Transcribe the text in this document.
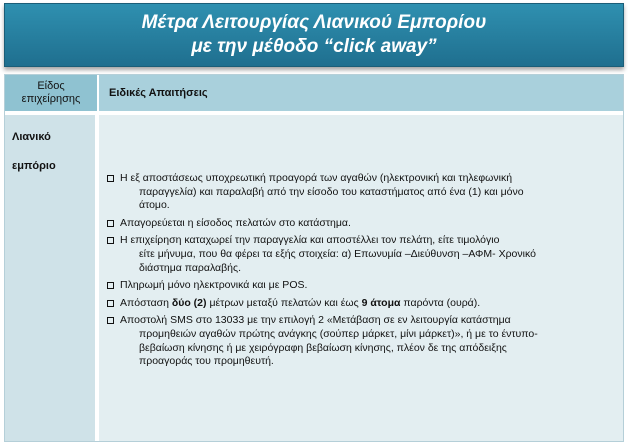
Μέτρα Λειτουργίας Λιανικού Εμπορίου
με την μέθοδο “click away”
Είδος
επιχείρησης	Ειδικές Απαιτήσεις
Λιανικό
εμπόριο
Η εξ αποστάσεως υποχρεωτική προαγορά των αγαθών (ηλεκτρονική και τηλεφωνική
παραγγελία) και παραλαβή από την είσοδο του καταστήματος από ένα (1) και μόνο
άτομο.
Απαγορεύεται η είσοδος πελατών στο κατάστημα.
Η επιχείρηση καταχωρεί την παραγγελία και αποστέλλει τον πελάτη, είτε τιμολόγιο
είτε μήνυμα, που θα φέρει τα εξής στοιχεία: α) Επωνυμία –Διεύθυνση –ΑΦΜ- Χρονικό
διάστημα παραλαβής.
Πληρωμή μόνο ηλεκτρονικά και με POS.
Απόσταση δύο (2) μέτρων μεταξύ πελατών και έως 9 άτομα παρόντα (ουρά).
Αποστολή SMS στο 13033 με την επιλογή 2 «Μετάβαση σε εν λειτουργία κατάστημα
προμηθειών αγαθών πρώτης ανάγκης (σούπερ μάρκετ, μίνι μάρκετ)», ή με το έντυπο-
βεβαίωση κίνησης ή με χειρόγραφη βεβαίωση κίνησης, πλέον δε της απόδειξης
προαγοράς του προμηθευτή.
